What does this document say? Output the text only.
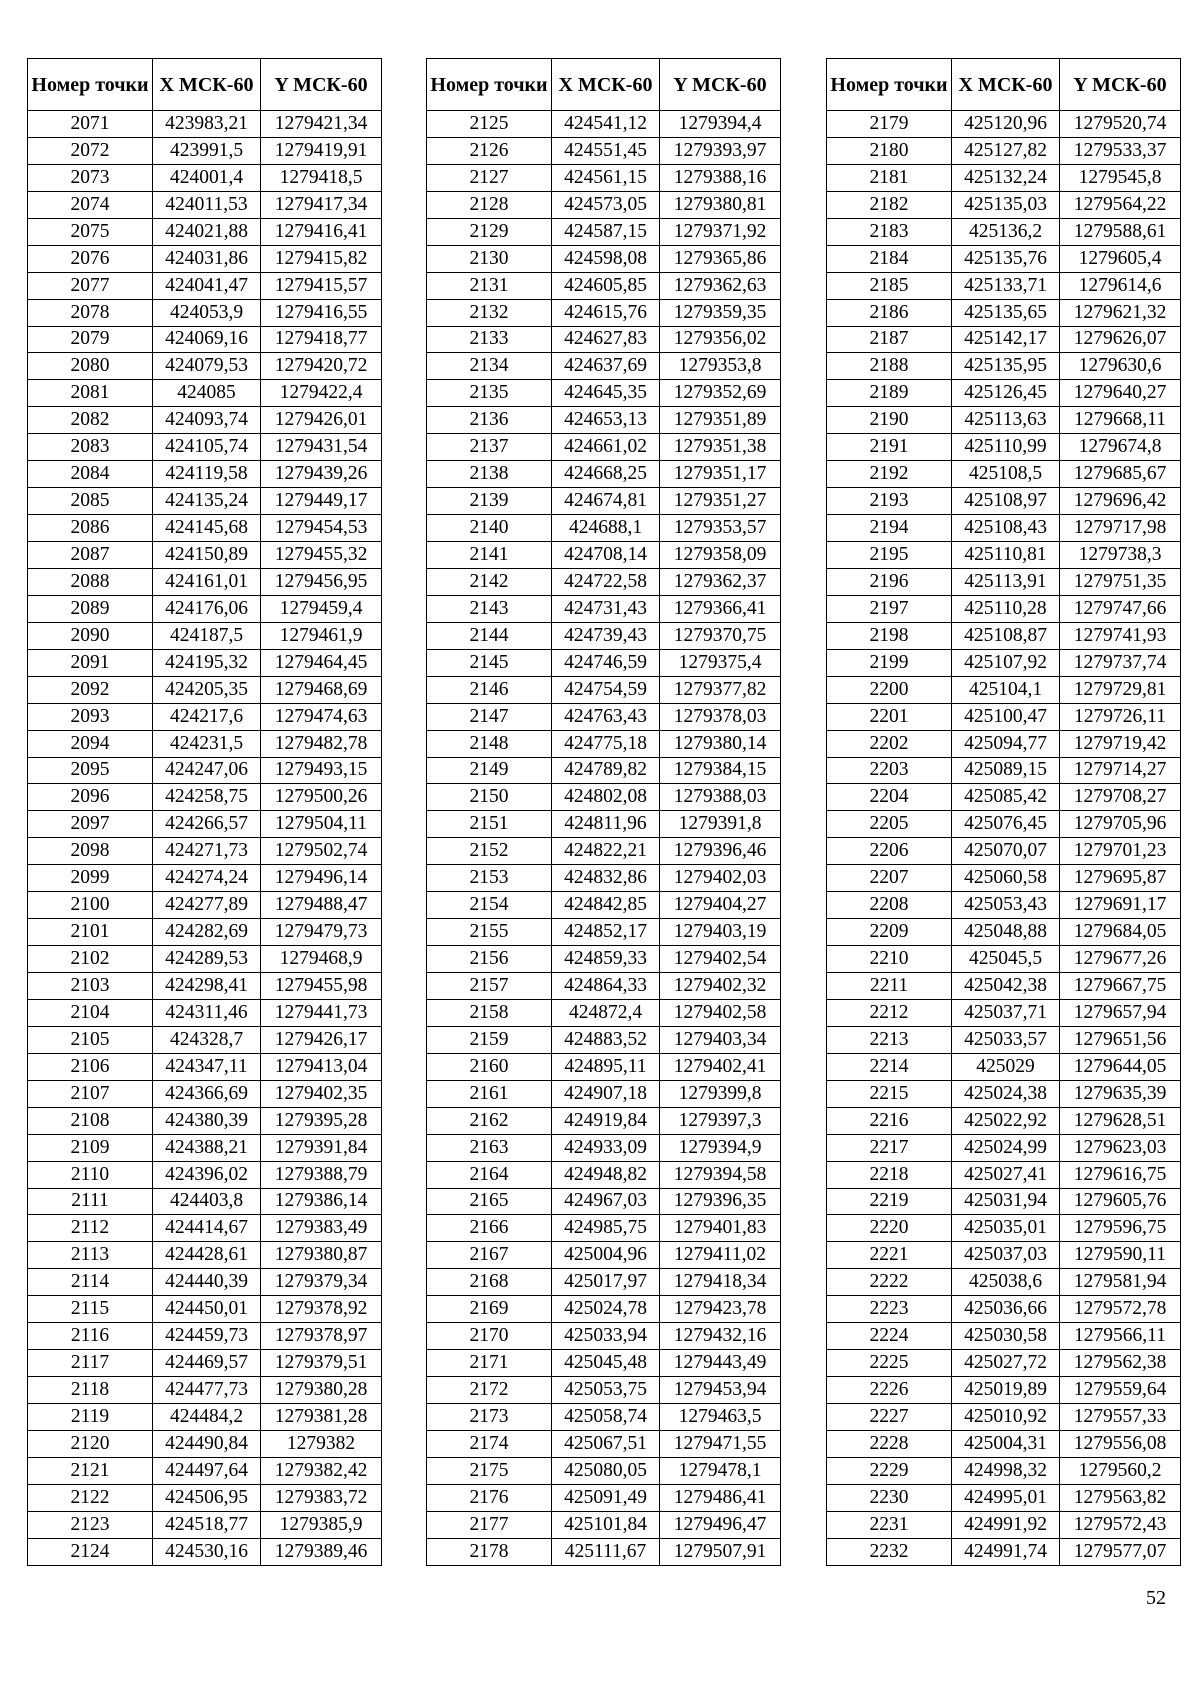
Номер точки	X МСК-60	Y МСК-60
2071	423983,21	1279421,34
2072	423991,5	1279419,91
2073	424001,4	1279418,5
2074	424011,53	1279417,34
2075	424021,88	1279416,41
2076	424031,86	1279415,82
2077	424041,47	1279415,57
2078	424053,9	1279416,55
2079	424069,16	1279418,77
2080	424079,53	1279420,72
2081	424085	1279422,4
2082	424093,74	1279426,01
2083	424105,74	1279431,54
2084	424119,58	1279439,26
2085	424135,24	1279449,17
2086	424145,68	1279454,53
2087	424150,89	1279455,32
2088	424161,01	1279456,95
2089	424176,06	1279459,4
2090	424187,5	1279461,9
2091	424195,32	1279464,45
2092	424205,35	1279468,69
2093	424217,6	1279474,63
2094	424231,5	1279482,78
2095	424247,06	1279493,15
2096	424258,75	1279500,26
2097	424266,57	1279504,11
2098	424271,73	1279502,74
2099	424274,24	1279496,14
2100	424277,89	1279488,47
2101	424282,69	1279479,73
2102	424289,53	1279468,9
2103	424298,41	1279455,98
2104	424311,46	1279441,73
2105	424328,7	1279426,17
2106	424347,11	1279413,04
2107	424366,69	1279402,35
2108	424380,39	1279395,28
2109	424388,21	1279391,84
2110	424396,02	1279388,79
2111	424403,8	1279386,14
2112	424414,67	1279383,49
2113	424428,61	1279380,87
2114	424440,39	1279379,34
2115	424450,01	1279378,92
2116	424459,73	1279378,97
2117	424469,57	1279379,51
2118	424477,73	1279380,28
2119	424484,2	1279381,28
2120	424490,84	1279382
2121	424497,64	1279382,42
2122	424506,95	1279383,72
2123	424518,77	1279385,9
2124	424530,16	1279389,46
Номер точки	X МСК-60	Y МСК-60
2125	424541,12	1279394,4
2126	424551,45	1279393,97
2127	424561,15	1279388,16
2128	424573,05	1279380,81
2129	424587,15	1279371,92
2130	424598,08	1279365,86
2131	424605,85	1279362,63
2132	424615,76	1279359,35
2133	424627,83	1279356,02
2134	424637,69	1279353,8
2135	424645,35	1279352,69
2136	424653,13	1279351,89
2137	424661,02	1279351,38
2138	424668,25	1279351,17
2139	424674,81	1279351,27
2140	424688,1	1279353,57
2141	424708,14	1279358,09
2142	424722,58	1279362,37
2143	424731,43	1279366,41
2144	424739,43	1279370,75
2145	424746,59	1279375,4
2146	424754,59	1279377,82
2147	424763,43	1279378,03
2148	424775,18	1279380,14
2149	424789,82	1279384,15
2150	424802,08	1279388,03
2151	424811,96	1279391,8
2152	424822,21	1279396,46
2153	424832,86	1279402,03
2154	424842,85	1279404,27
2155	424852,17	1279403,19
2156	424859,33	1279402,54
2157	424864,33	1279402,32
2158	424872,4	1279402,58
2159	424883,52	1279403,34
2160	424895,11	1279402,41
2161	424907,18	1279399,8
2162	424919,84	1279397,3
2163	424933,09	1279394,9
2164	424948,82	1279394,58
2165	424967,03	1279396,35
2166	424985,75	1279401,83
2167	425004,96	1279411,02
2168	425017,97	1279418,34
2169	425024,78	1279423,78
2170	425033,94	1279432,16
2171	425045,48	1279443,49
2172	425053,75	1279453,94
2173	425058,74	1279463,5
2174	425067,51	1279471,55
2175	425080,05	1279478,1
2176	425091,49	1279486,41
2177	425101,84	1279496,47
2178	425111,67	1279507,91
Номер точки	X МСК-60	Y МСК-60
2179	425120,96	1279520,74
2180	425127,82	1279533,37
2181	425132,24	1279545,8
2182	425135,03	1279564,22
2183	425136,2	1279588,61
2184	425135,76	1279605,4
2185	425133,71	1279614,6
2186	425135,65	1279621,32
2187	425142,17	1279626,07
2188	425135,95	1279630,6
2189	425126,45	1279640,27
2190	425113,63	1279668,11
2191	425110,99	1279674,8
2192	425108,5	1279685,67
2193	425108,97	1279696,42
2194	425108,43	1279717,98
2195	425110,81	1279738,3
2196	425113,91	1279751,35
2197	425110,28	1279747,66
2198	425108,87	1279741,93
2199	425107,92	1279737,74
2200	425104,1	1279729,81
2201	425100,47	1279726,11
2202	425094,77	1279719,42
2203	425089,15	1279714,27
2204	425085,42	1279708,27
2205	425076,45	1279705,96
2206	425070,07	1279701,23
2207	425060,58	1279695,87
2208	425053,43	1279691,17
2209	425048,88	1279684,05
2210	425045,5	1279677,26
2211	425042,38	1279667,75
2212	425037,71	1279657,94
2213	425033,57	1279651,56
2214	425029	1279644,05
2215	425024,38	1279635,39
2216	425022,92	1279628,51
2217	425024,99	1279623,03
2218	425027,41	1279616,75
2219	425031,94	1279605,76
2220	425035,01	1279596,75
2221	425037,03	1279590,11
2222	425038,6	1279581,94
2223	425036,66	1279572,78
2224	425030,58	1279566,11
2225	425027,72	1279562,38
2226	425019,89	1279559,64
2227	425010,92	1279557,33
2228	425004,31	1279556,08
2229	424998,32	1279560,2
2230	424995,01	1279563,82
2231	424991,92	1279572,43
2232	424991,74	1279577,07
52
